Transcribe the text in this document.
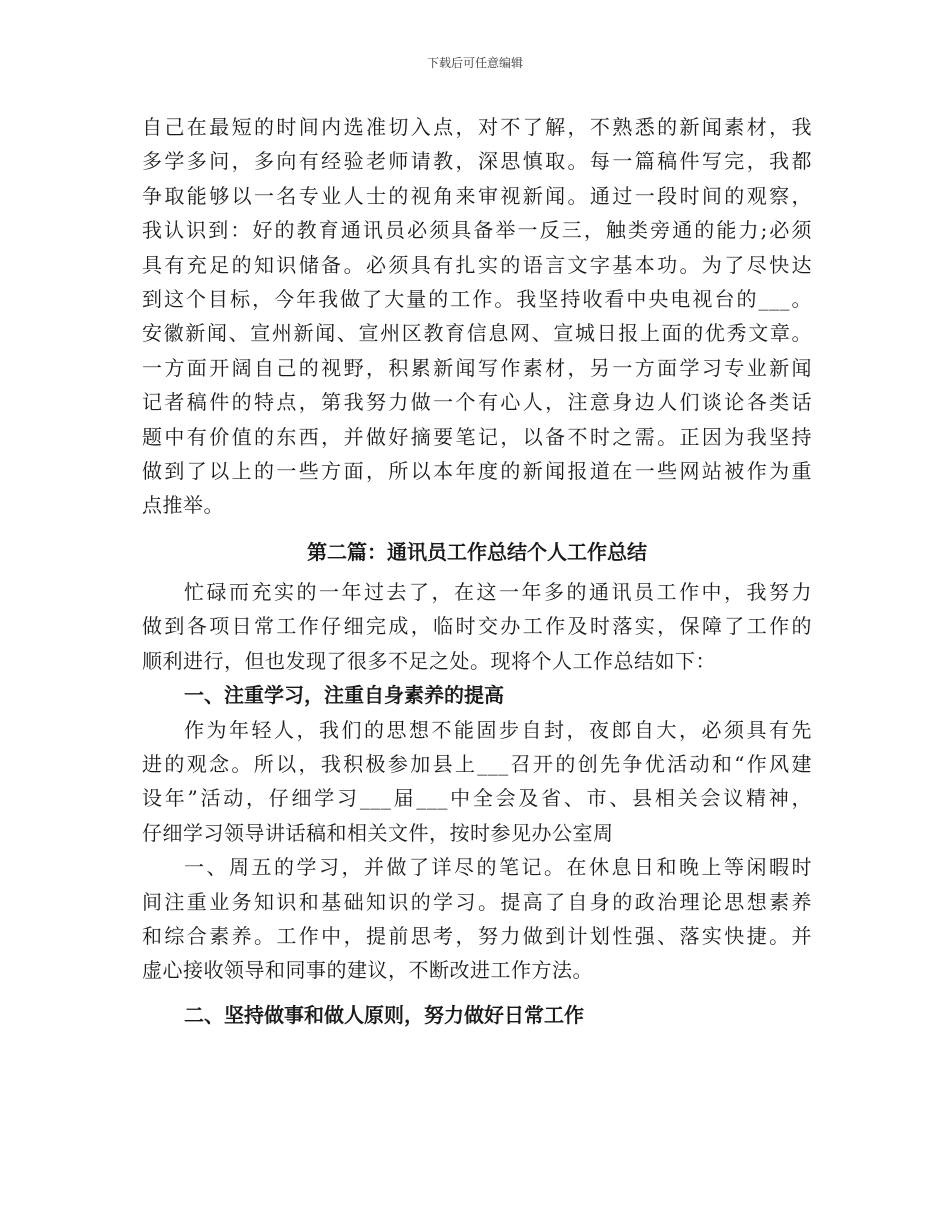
下载后可任意编辑
自己在最短的时间内选准切入点，对不了解，不熟悉的新闻素材，我
多学多问，多向有经验老师请教，深思慎取。每一篇稿件写完，我都
争取能够以一名专业人士的视角来审视新闻。通过一段时间的观察，
我认识到：好的教育通讯员必须具备举一反三，触类旁通的能力;必须
具有充足的知识储备。必须具有扎实的语言文字基本功。为了尽快达
到这个目标，今年我做了大量的工作。我坚持收看中央电视台的___。
安徽新闻、宣州新闻、宣州区教育信息网、宣城日报上面的优秀文章。
一方面开阔自己的视野，积累新闻写作素材，另一方面学习专业新闻
记者稿件的特点，第我努力做一个有心人，注意身边人们谈论各类话
题中有价值的东西，并做好摘要笔记，以备不时之需。正因为我坚持
做到了以上的一些方面，所以本年度的新闻报道在一些网站被作为重
点推举。
第二篇：通讯员工作总结个人工作总结
忙碌而充实的一年过去了，在这一年多的通讯员工作中，我努力
做到各项日常工作仔细完成，临时交办工作及时落实，保障了工作的
顺利进行，但也发现了很多不足之处。现将个人工作总结如下：
一、注重学习，注重自身素养的提高
作为年轻人，我们的思想不能固步自封，夜郎自大，必须具有先
进的观念。所以，我积极参加县上___召开的创先争优活动和“作风建
设年”活动，仔细学习___届___中全会及省、市、县相关会议精神，
仔细学习领导讲话稿和相关文件，按时参见办公室周
一、周五的学习，并做了详尽的笔记。在休息日和晚上等闲暇时
间注重业务知识和基础知识的学习。提高了自身的政治理论思想素养
和综合素养。工作中，提前思考，努力做到计划性强、落实快捷。并
虚心接收领导和同事的建议，不断改进工作方法。
二、坚持做事和做人原则，努力做好日常工作
